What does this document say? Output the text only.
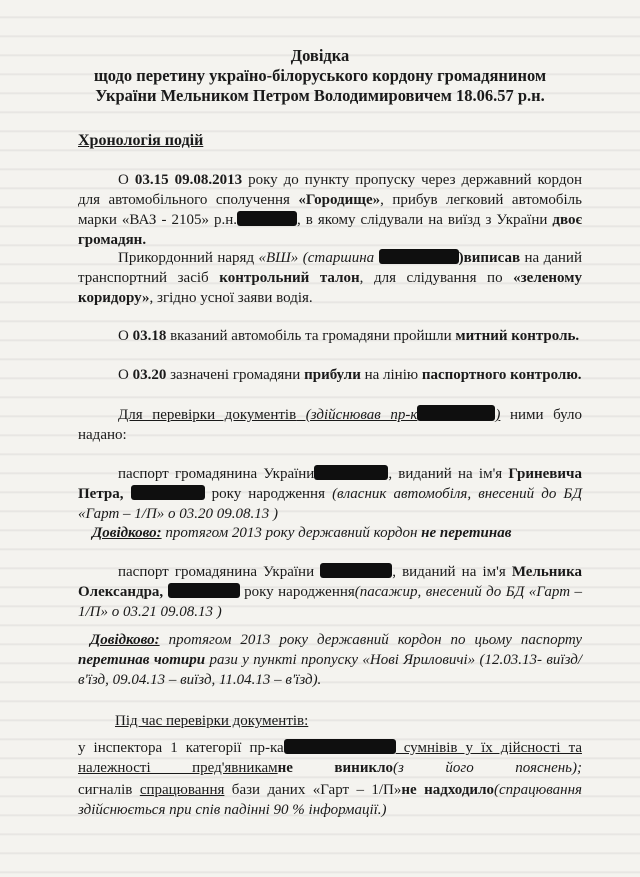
Довідка
щодо перетину україно-білоруського кордону громадянином
України Мельником Петром Володимировичем 18.06.57 р.н.
Хронологія подій
О 03.15 09.08.2013 року до пункту пропуску через державний кордон для автомобільного сполучення «Городище», прибув легковий автомобіль марки «ВАЗ - 2105» р.н.	, в якому слідували на виїзд з України двоє громадян.
Прикордонний наряд «ВШ» (старшина	)виписав на даний транспортний засіб контрольний талон, для слідування по «зеленому коридору», згідно усної заяви водія.
О 03.18 вказаний автомобіль та громадяни пройшли митний контроль.
О 03.20 зазначені громадяни прибули на лінію паспортного контролю.
Для перевірки документів (здійснював пр-к	) ними було надано:
паспорт громадянина України	, виданий на ім'я Гриневича Петра,	року народження (власник автомобіля, внесений до БД «Гарт – 1/П» о 03.20 09.08.13 )
Довідково: протягом 2013 року державний кордон не перетинав
паспорт громадянина України	, виданий на ім'я Мельника Олександра,	року народження(пасажир, внесений до БД «Гарт – 1/П» о 03.21 09.08.13 )
Довідково: протягом 2013 року державний кордон по цьому паспорту перетинав чотири рази у пункті пропуску «Нові Яриловичі» (12.03.13- виїзд/в'їзд, 09.04.13 – виїзд, 11.04.13 – в'їзд).
Під час перевірки документів:
у інспектора 1 категорії пр-ка	сумнівів у їх дійсності та належності пред'явникамне виникло(з його пояснень);
сигналів спрацювання бази даних «Гарт – 1/П»не надходило(спрацювання здійснюється при спів падінні 90 % інформації.)
